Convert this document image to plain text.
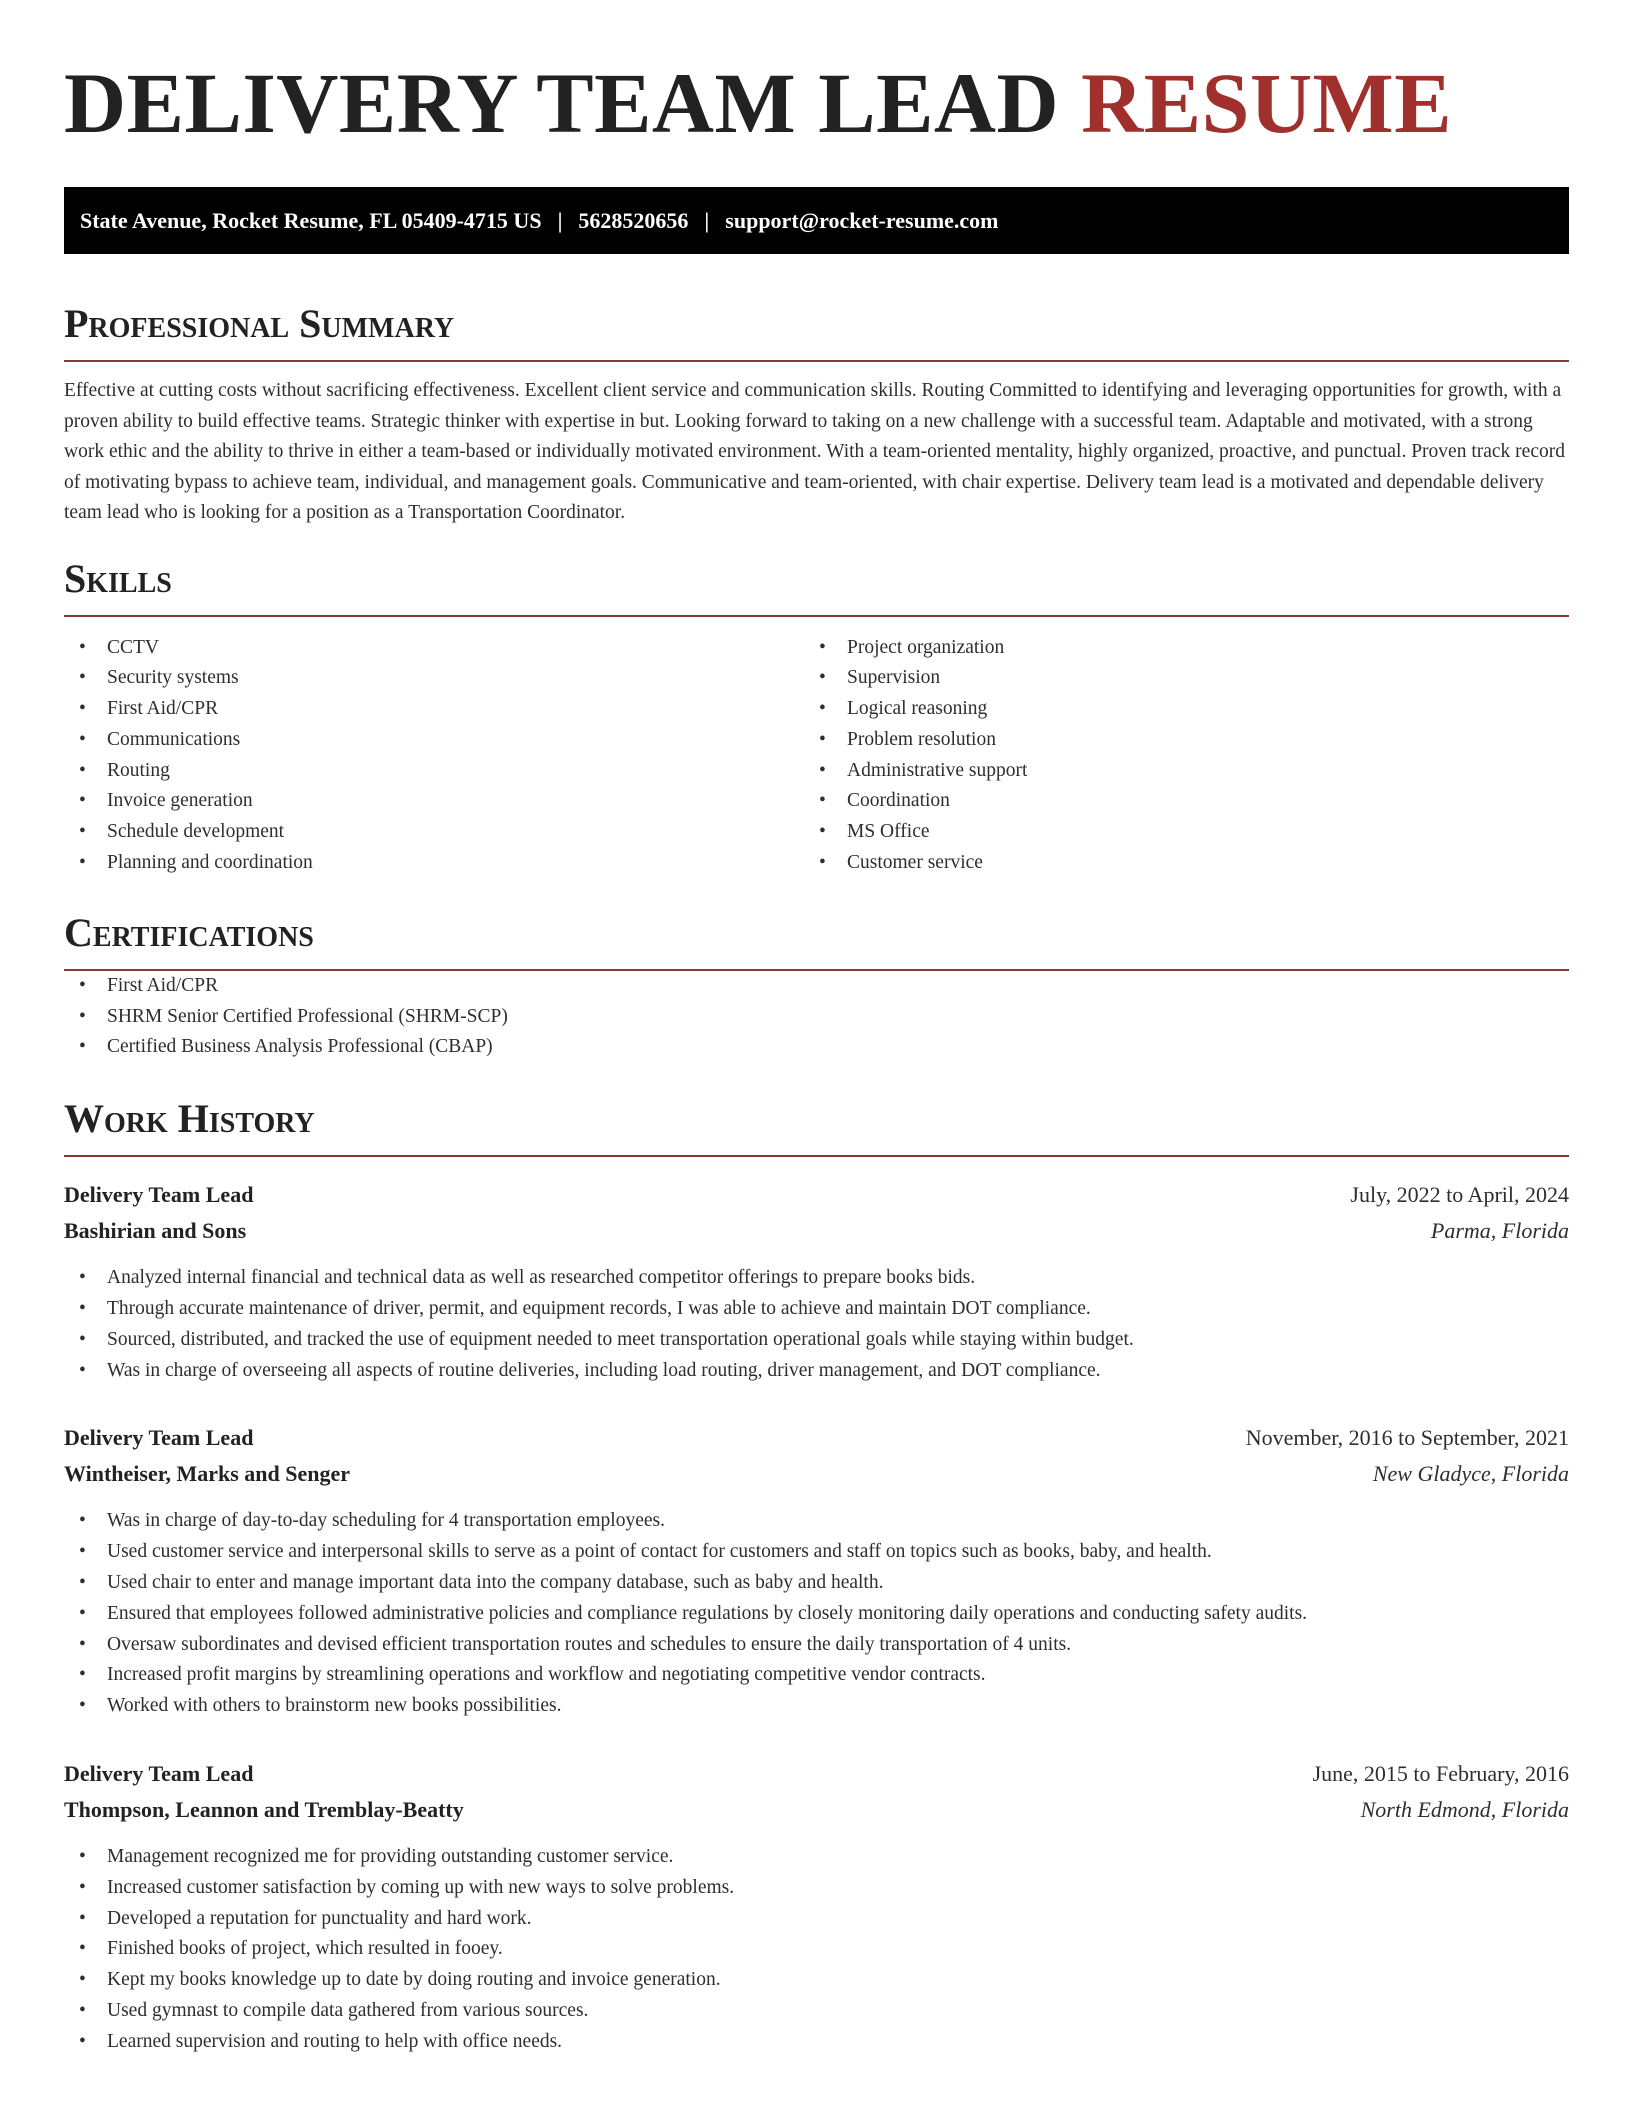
DELIVERY TEAM LEAD RESUME
State Avenue, Rocket Resume, FL 05409-4715 US | 5628520656 | support@rocket-resume.com
Professional Summary

Effective at cutting costs without sacrificing effectiveness. Excellent client service and communication skills. Routing Committed to identifying and leveraging opportunities for growth, with a proven ability to build effective teams. Strategic thinker with expertise in but. Looking forward to taking on a new challenge with a successful team. Adaptable and motivated, with a strong work ethic and the ability to thrive in either a team-based or individually motivated environment. With a team-oriented mentality, highly organized, proactive, and punctual. Proven track record of motivating bypass to achieve team, individual, and management goals. Communicative and team-oriented, with chair expertise. Delivery team lead is a motivated and dependable delivery team lead who is looking for a position as a Transportation Coordinator.

Skills
• CCTV
• Security systems
• First Aid/CPR
• Communications
• Routing
• Invoice generation
• Schedule development
• Planning and coordination
• Project organization
• Supervision
• Logical reasoning
• Problem resolution
• Administrative support
• Coordination
• MS Office
• Customer service
Certifications
• First Aid/CPR
• SHRM Senior Certified Professional (SHRM-SCP)
• Certified Business Analysis Professional (CBAP)
Work History
Delivery Team Lead	July, 2022 to April, 2024
Bashirian and Sons	Parma, Florida
• Analyzed internal financial and technical data as well as researched competitor offerings to prepare books bids.
• Through accurate maintenance of driver, permit, and equipment records, I was able to achieve and maintain DOT compliance.
• Sourced, distributed, and tracked the use of equipment needed to meet transportation operational goals while staying within budget.
• Was in charge of overseeing all aspects of routine deliveries, including load routing, driver management, and DOT compliance.
Delivery Team Lead	November, 2016 to September, 2021
Wintheiser, Marks and Senger	New Gladyce, Florida
• Was in charge of day-to-day scheduling for 4 transportation employees.
• Used customer service and interpersonal skills to serve as a point of contact for customers and staff on topics such as books, baby, and health.
• Used chair to enter and manage important data into the company database, such as baby and health.
• Ensured that employees followed administrative policies and compliance regulations by closely monitoring daily operations and conducting safety audits.
• Oversaw subordinates and devised efficient transportation routes and schedules to ensure the daily transportation of 4 units.
• Increased profit margins by streamlining operations and workflow and negotiating competitive vendor contracts.
• Worked with others to brainstorm new books possibilities.
Delivery Team Lead	June, 2015 to February, 2016
Thompson, Leannon and Tremblay-Beatty	North Edmond, Florida
• Management recognized me for providing outstanding customer service.
• Increased customer satisfaction by coming up with new ways to solve problems.
• Developed a reputation for punctuality and hard work.
• Finished books of project, which resulted in fooey.
• Kept my books knowledge up to date by doing routing and invoice generation.
• Used gymnast to compile data gathered from various sources.
• Learned supervision and routing to help with office needs.
